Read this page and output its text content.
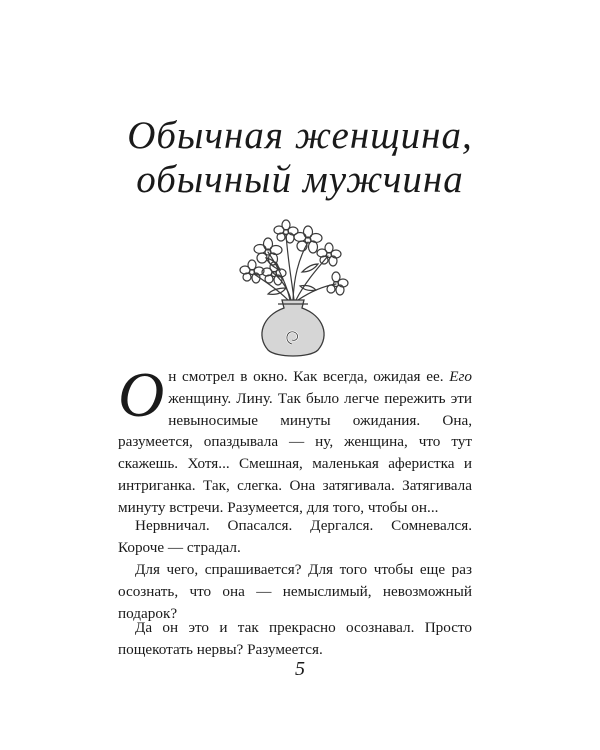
Обычная женщина,
обычный мужчина

Он смотрел в окно. Как всегда, ожидая ее. Его женщину. Лину. Так было легче пережить эти невыносимые минуты ожидания. Она, разумеется, опаздывала — ну, женщина, что тут скажешь. Хотя... Смешная, маленькая аферистка и интриганка. Так, слегка. Она затягивала. Затягивала минуту встречи. Разумеется, для того, чтобы он...

Нервничал. Опасался. Дергался. Сомневался. Короче — страдал.

Для чего, спрашивается? Для того чтобы еще раз осознать, что она — немыслимый, невозможный подарок?

Да он это и так прекрасно осознавал. Просто пощекотать нервы? Разумеется.

5
